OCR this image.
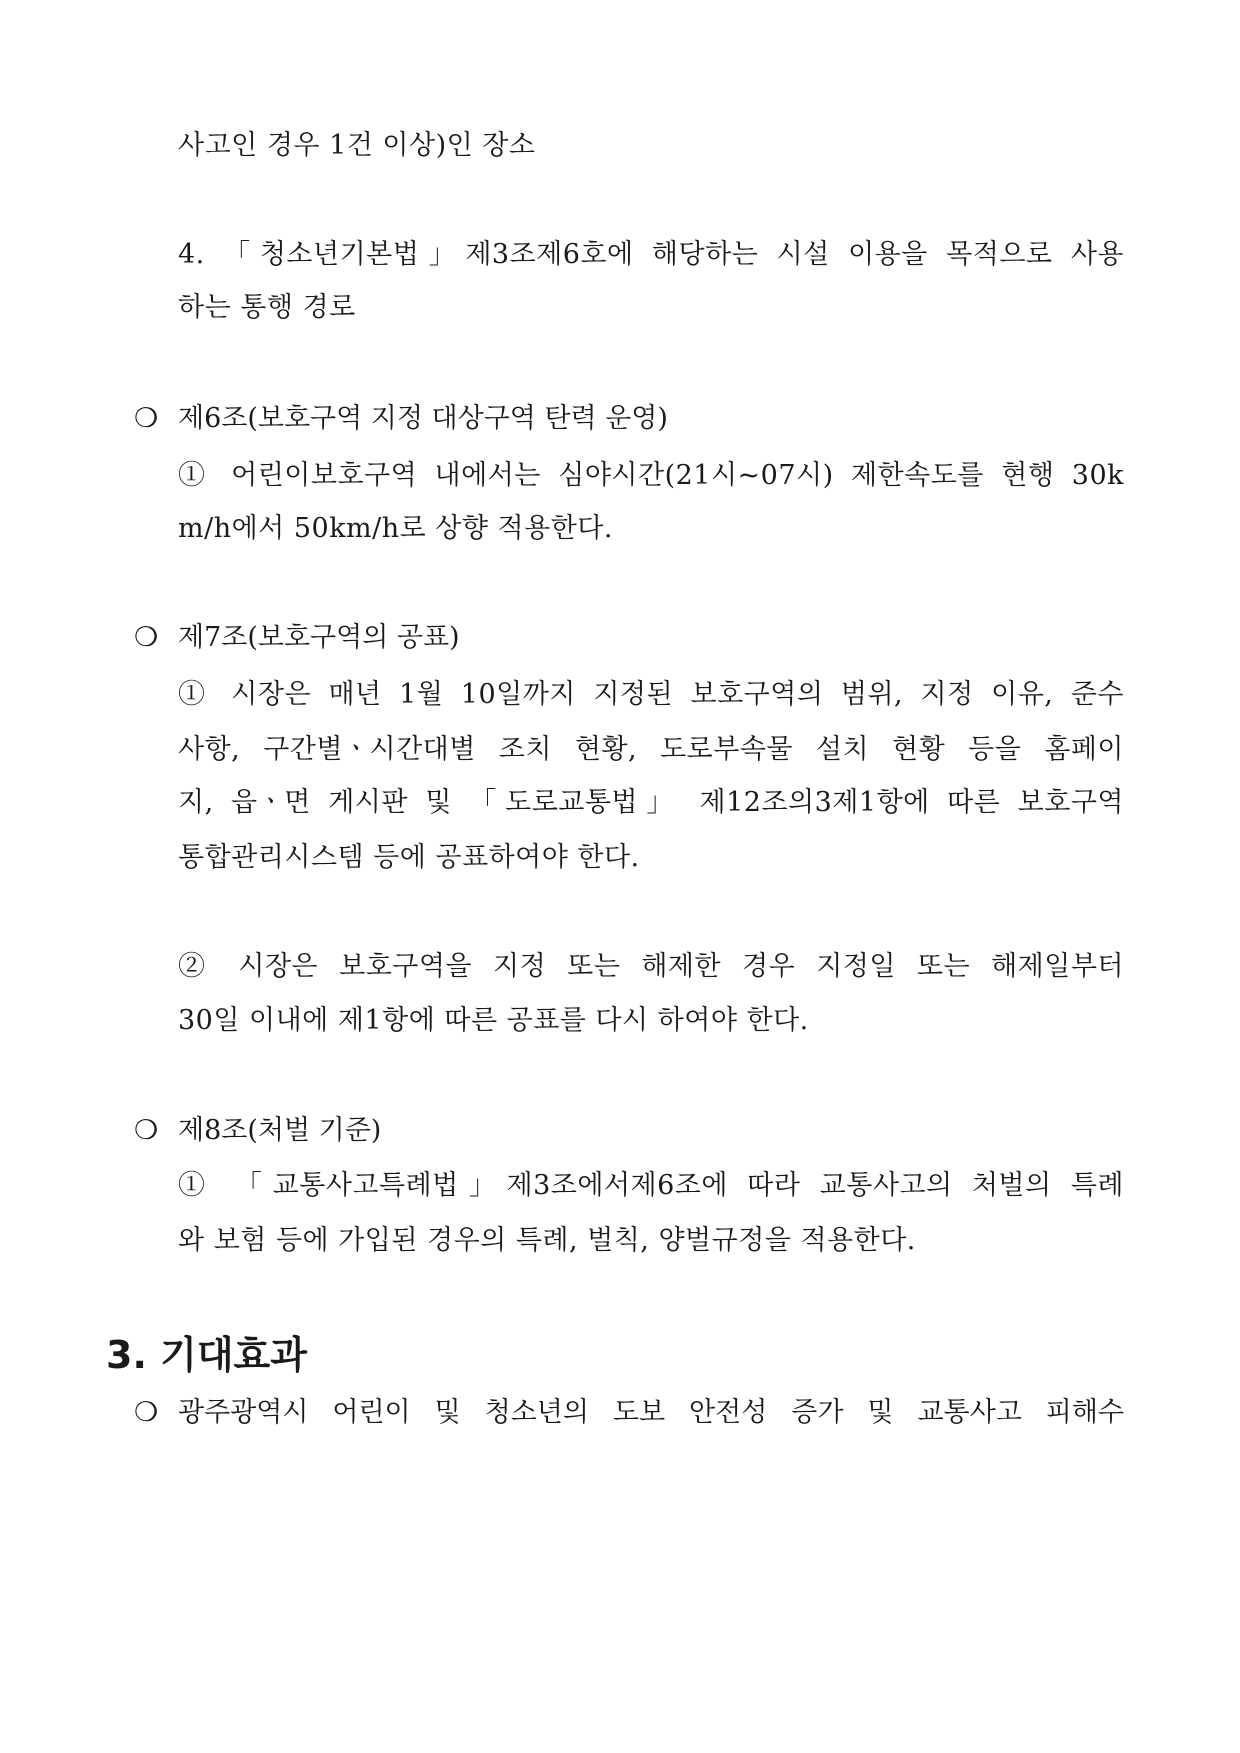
사고인 경우 1건 이상)인 장소
4. 「청소년기본법」제3조제6호에 해당하는 시설 이용을 목적으로 사용
하는 통행 경로
❍ 제6조(보호구역 지정 대상구역 탄력 운영)
① 어린이보호구역 내에서는 심야시간(21시~07시) 제한속도를 현행 30k
m/h에서 50km/h로 상향 적용한다.
❍ 제7조(보호구역의 공표)
① 시장은 매년 1월 10일까지 지정된 보호구역의 범위, 지정 이유, 준수
사항, 구간별ㆍ시간대별 조치 현황, 도로부속물 설치 현황 등을 홈페이
지, 읍ㆍ면 게시판 및 「도로교통법」 제12조의3제1항에 따른 보호구역
통합관리시스템 등에 공표하여야 한다.
② 시장은 보호구역을 지정 또는 해제한 경우 지정일 또는 해제일부터
30일 이내에 제1항에 따른 공표를 다시 하여야 한다.
❍ 제8조(처벌 기준)
① 「교통사고특례법」제3조에서제6조에 따라 교통사고의 처벌의 특례
와 보험 등에 가입된 경우의 특례, 벌칙, 양벌규정을 적용한다.
3. 기대효과
❍ 광주광역시 어린이 및 청소년의 도보 안전성 증가 및 교통사고 피해수
